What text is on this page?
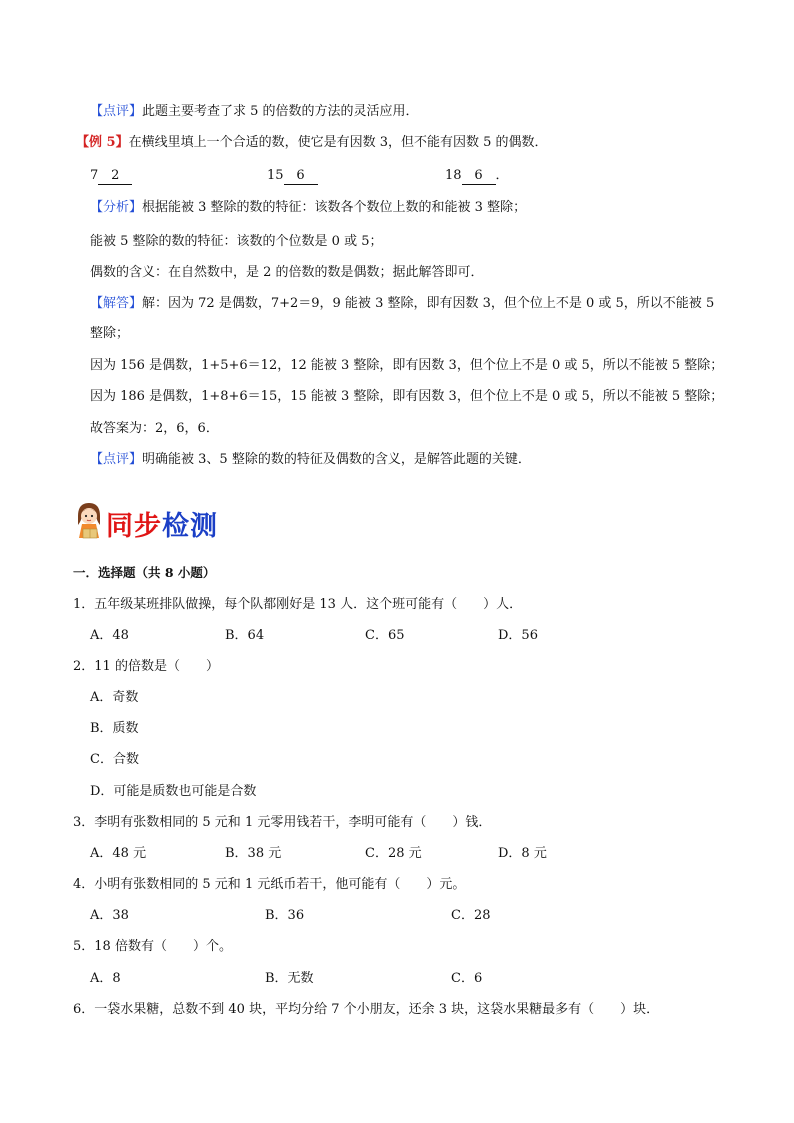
【点评】此题主要考查了求 5 的倍数的方法的灵活应用．
【例 5】在横线里填上一个合适的数，使它是有因数 3，但不能有因数 5 的偶数．
7 2	15 6	18 6 ．
【分析】根据能被 3 整除的数的特征：该数各个数位上数的和能被 3 整除；
能被 5 整除的数的特征：该数的个位数是 0 或 5；
偶数的含义：在自然数中，是 2 的倍数的数是偶数；据此解答即可．
【解答】解：因为 72 是偶数，7+2＝9，9 能被 3 整除，即有因数 3，但个位上不是 0 或 5，所以不能被 5
整除；
因为 156 是偶数，1+5+6＝12，12 能被 3 整除，即有因数 3，但个位上不是 0 或 5，所以不能被 5 整除；
因为 186 是偶数，1+8+6＝15，15 能被 3 整除，即有因数 3，但个位上不是 0 或 5，所以不能被 5 整除；
故答案为：2，6，6．
【点评】明确能被 3、5 整除的数的特征及偶数的含义，是解答此题的关键．
同步检测
一．选择题（共 8 小题）
1．五年级某班排队做操，每个队都刚好是 13 人．这个班可能有（　　）人．
A．48	B．64	C．65	D．56
2．11 的倍数是（　　）
A．奇数
B．质数
C．合数
D．可能是质数也可能是合数
3．李明有张数相同的 5 元和 1 元零用钱若干，李明可能有（　　）钱．
A．48 元	B．38 元	C．28 元	D．8 元
4．小明有张数相同的 5 元和 1 元纸币若干，他可能有（　　）元。
A．38	B．36	C．28
5．18 倍数有（　　）个。
A．8	B．无数	C．6
6．一袋水果糖，总数不到 40 块，平均分给 7 个小朋友，还余 3 块，这袋水果糖最多有（　　）块．
